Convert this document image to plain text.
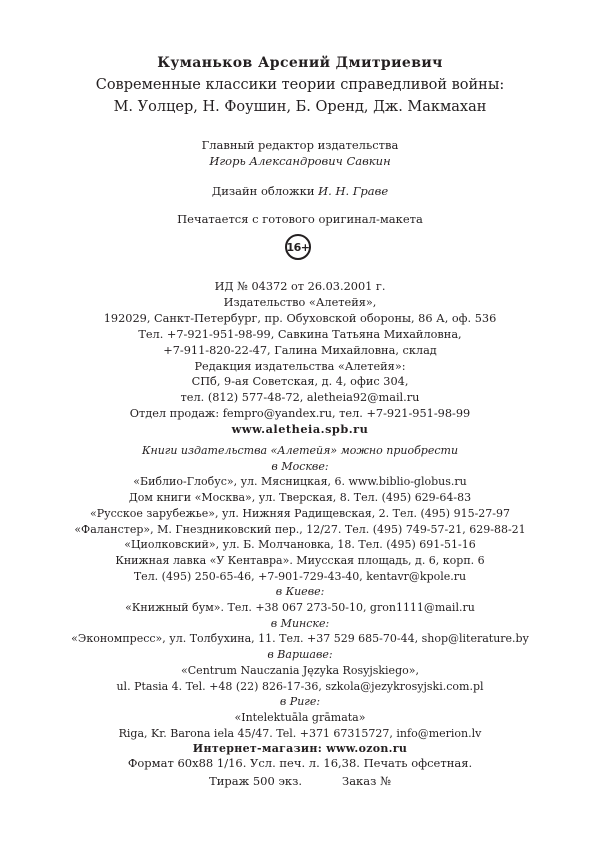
Куманьков Арсений Дмитриевич
Современные классики теории справедливой войны:
М. Уолцер, Н. Фоушин, Б. Оренд, Дж. Макмахан
Главный редактор издательства
Игорь Александрович Савкин
Дизайн обложки И. Н. Граве
Печатается с готового оригинал-макета
16+
ИД № 04372 от 26.03.2001 г.
Издательство «Алетейя»,
192029, Санкт-Петербург, пр. Обуховской обороны, 86 А, оф. 536
Тел. +7-921-951-98-99, Савкина Татьяна Михайловна,
+7-911-820-22-47, Галина Михайловна, склад
Редакция издательства «Алетейя»:
СПб, 9-ая Советская, д. 4, офис 304,
тел. (812) 577-48-72, aletheia92@mail.ru
Отдел продаж: fempro@yandex.ru, тел. +7-921-951-98-99
www.aletheia.spb.ru
Книги издательства «Алетейя» можно приобрести
в Москве:
«Библио-Глобус», ул. Мясницкая, 6. www.biblio-globus.ru
Дом книги «Москва», ул. Тверская, 8. Тел. (495) 629-64-83
«Русское зарубежье», ул. Нижняя Радищевская, 2. Тел. (495) 915-27-97
«Фаланстер», М. Гнездниковский пер., 12/27. Тел. (495) 749-57-21, 629-88-21
«Циолковский», ул. Б. Молчановка, 18. Тел. (495) 691-51-16
Книжная лавка «У Кентавра». Миусская площадь, д. 6, корп. 6
Тел. (495) 250-65-46, +7-901-729-43-40, kentavr@kpole.ru
в Киеве:
«Книжный бум». Тел. +38 067 273-50-10, gron1111@mail.ru
в Минске:
«Экономпресс», ул. Толбухина, 11. Тел. +37 529 685-70-44, shop@literature.by
в Варшаве:
«Centrum Nauczania Języka Rosyjskiego»,
ul. Ptasia 4. Tel. +48 (22) 826-17-36, szkola@jezykrosyjski.com.pl
в Риге:
«Intelektuāla grāmata»
Riga, Kr. Barona iela 45/47. Tel. +371 67315727, info@merion.lv
Интернет-магазин: www.ozon.ru
Формат 60x88 1/16. Усл. печ. л. 16,38. Печать офсетная.
Тираж 500 экз.	Заказ №
